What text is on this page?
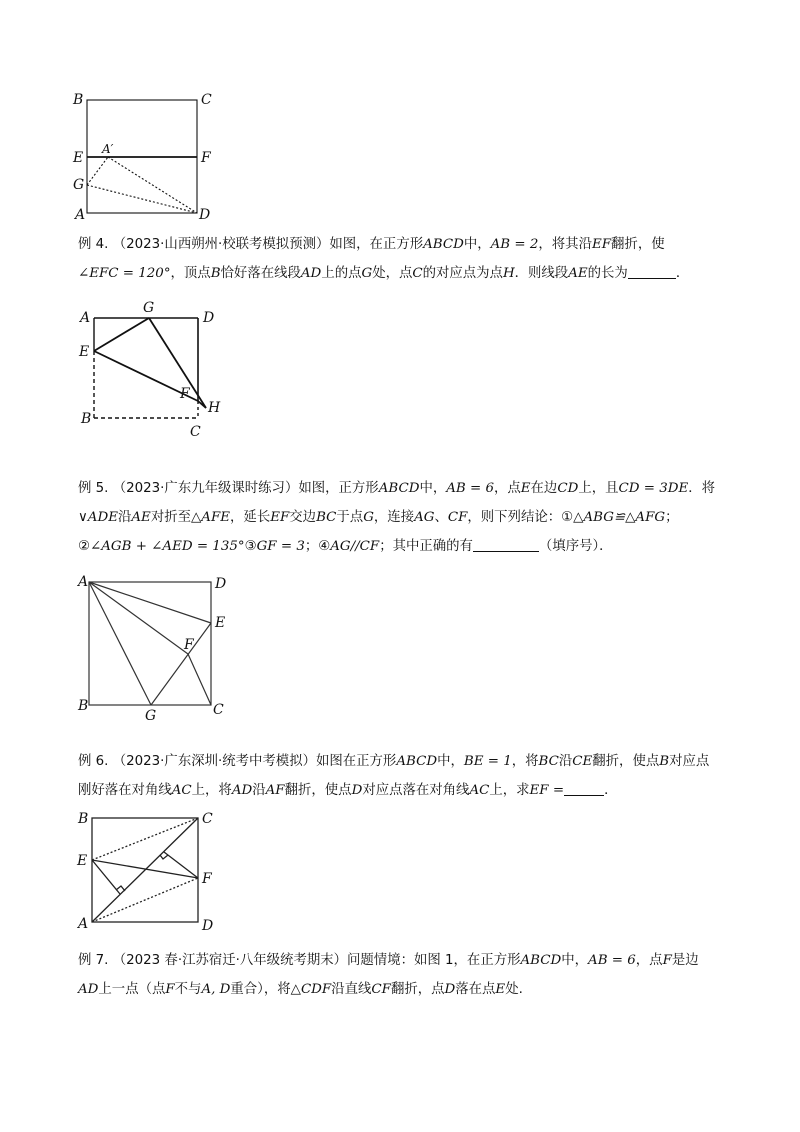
B	C
E	F
A′
G
A	D
例 4. （2023·山西朔州·校联考模拟预测）如图，在正方形ABCD中，AB = 2，将其沿EF翻折，使
∠EFC = 120°，顶点B恰好落在线段AD上的点G处，点C的对应点为点H．则线段AE的长为	．
A
G
D
E
F
H
B
C
例 5. （2023·广东九年级课时练习）如图，正方形ABCD中，AB = 6，点E在边CD上，且CD = 3DE．将
∨ADE沿AE对折至△AFE，延长EF交边BC于点G，连接AG、CF，则下列结论：①△ABG≌△AFG；
②∠AGB + ∠AED = 135°③GF = 3；④AG//CF；其中正确的有	（填序号）．
A	D
E
F
B
G	C
例 6. （2023·广东深圳·统考中考模拟）如图在正方形ABCD中，BE = 1，将BC沿CE翻折，使点B对应点
刚好落在对角线AC上，将AD沿AF翻折，使点D对应点落在对角线AC上，求EF =	．
B	C
E
F
A	D
例 7. （2023 春·江苏宿迁·八年级统考期末）问题情境：如图 1，在正方形ABCD中，AB = 6，点F是边
AD上一点（点F不与A, D重合），将△CDF沿直线CF翻折，点D落在点E处.
